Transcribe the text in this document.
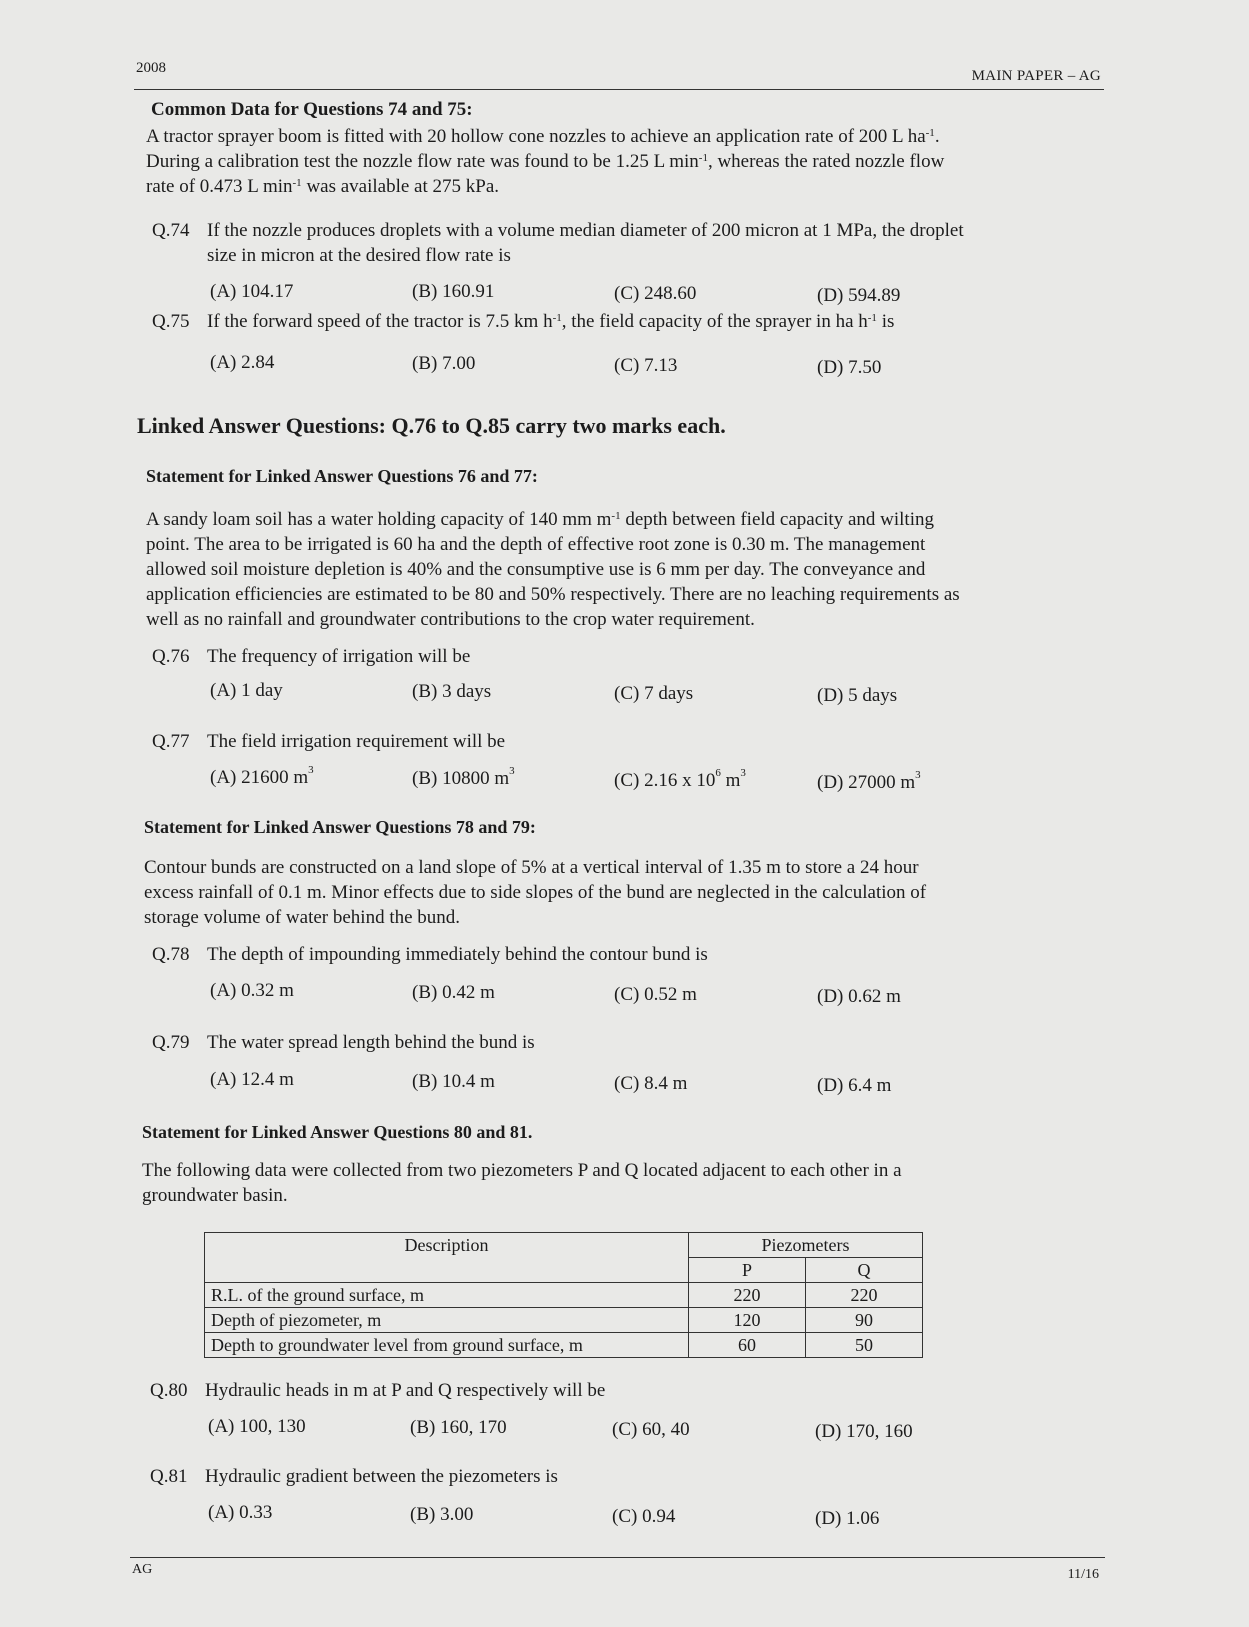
2008	MAIN PAPER – AG
Common Data for Questions 74 and 75:
A tractor sprayer boom is fitted with 20 hollow cone nozzles to achieve an application rate of 200 L $ha^{-1}$.
During a calibration test the nozzle flow rate was found to be 1.25 L $\min^{-1}$, whereas the rated nozzle flow
rate of 0.473 L $\min^{-1}$ was available at 275 kPa.
Q.74 If the nozzle produces droplets with a volume median diameter of 200 micron at 1 MPa, the droplet
size in micron at the desired flow rate is
(A) 104.17	(B) 160.91	(C) 248.60	(D) 594.89
Q.75 If the forward speed of the tractor is 7.5 km $h^{-1}$, the field capacity of the sprayer in ha $h^{-1}$ is
(A) 2.84	(B) 7.00	(C) 7.13	(D) 7.50
Linked Answer Questions: Q.76 to Q.85 carry two marks each.
Statement for Linked Answer Questions 76 and 77:
A sandy loam soil has a water holding capacity of 140 mm $m^{-1}$ depth between field capacity and wilting
point. The area to be irrigated is 60 ha and the depth of effective root zone is 0.30 m. The management
allowed soil moisture depletion is 40% and the consumptive use is 6 mm per day. The conveyance and
application efficiencies are estimated to be 80 and 50% respectively. There are no leaching requirements as
well as no rainfall and groundwater contributions to the crop water requirement.
Q.76 The frequency of irrigation will be
(A) 1 day	(B) 3 days	(C) 7 days	(D) 5 days
Q.77 The field irrigation requirement will be
(A) 21600 $m^3$	(B) 10800 $m^3$	(C) 2.16 x $10^6$ $m^3$	(D) 27000 $m^3$
Statement for Linked Answer Questions 78 and 79:
Contour bunds are constructed on a land slope of 5% at a vertical interval of 1.35 m to store a 24 hour
excess rainfall of 0.1 m. Minor effects due to side slopes of the bund are neglected in the calculation of
storage volume of water behind the bund.
Q.78 The depth of impounding immediately behind the contour bund is
(A) 0.32 m	(B) 0.42 m	(C) 0.52 m	(D) 0.62 m
Q.79 The water spread length behind the bund is
(A) 12.4 m	(B) 10.4 m	(C) 8.4 m	(D) 6.4 m
Statement for Linked Answer Questions 80 and 81.
The following data were collected from two piezometers P and Q located adjacent to each other in a
groundwater basin.
Description	Piezometers	
	P	Q
R.L. of the ground surface, m	220	220
Depth of piezometer, m	120	90
Depth to groundwater level from ground surface, m	60	50
Q.80 Hydraulic heads in m at P and Q respectively will be
(A) 100, 130	(B) 160, 170	(C) 60, 40	(D) 170, 160
Q.81 Hydraulic gradient between the piezometers is
(A) 0.33	(B) 3.00	(C) 0.94	(D) 1.06
AG	11/16
